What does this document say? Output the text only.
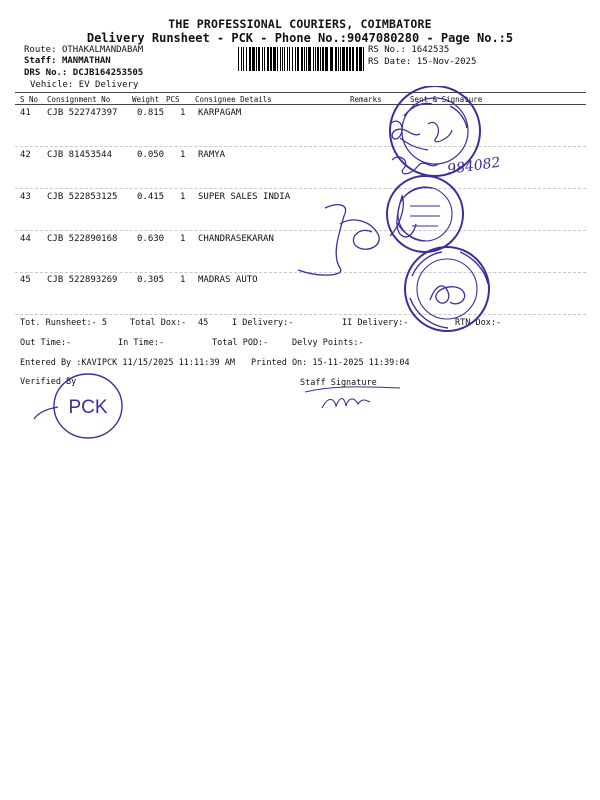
THE PROFESSIONAL COURIERS, COIMBATORE
Delivery Runsheet - PCK - Phone No.:9047080280 - Page No.:5
Route: OTHAKALMANDABAM
Staff: MANMATHAN
DRS No.: DCJB164253505
Vehicle: EV Delivery
RS No.: 1642535
RS Date: 15-Nov-2025
S No Consignment No	Weight PCS Consignee Details	Remarks	Sent & Signature
41 CJB 522747397 0.815 1 KARPAGAM
42 CJB 81453544	0.050 1 RAMYA
43 CJB 522853125 0.415 1 SUPER SALES INDIA
44 CJB 522890168 0.630 1 CHANDRASEKARAN
45 CJB 522893269 0.305 1 MADRAS AUTO
Tot. Runsheet:- 5	Total Dox:- 45	I Delivery:-	II Delivery:-	RTN Dox:-
Out Time:-	In Time:-	Total POD:-	Delvy Points:-
Entered By :KAVIPCK 11/15/2025 11:11:39 AM Printed On: 15-11-2025 11:39:04
Verified By	Staff Signature
PCK
984082
